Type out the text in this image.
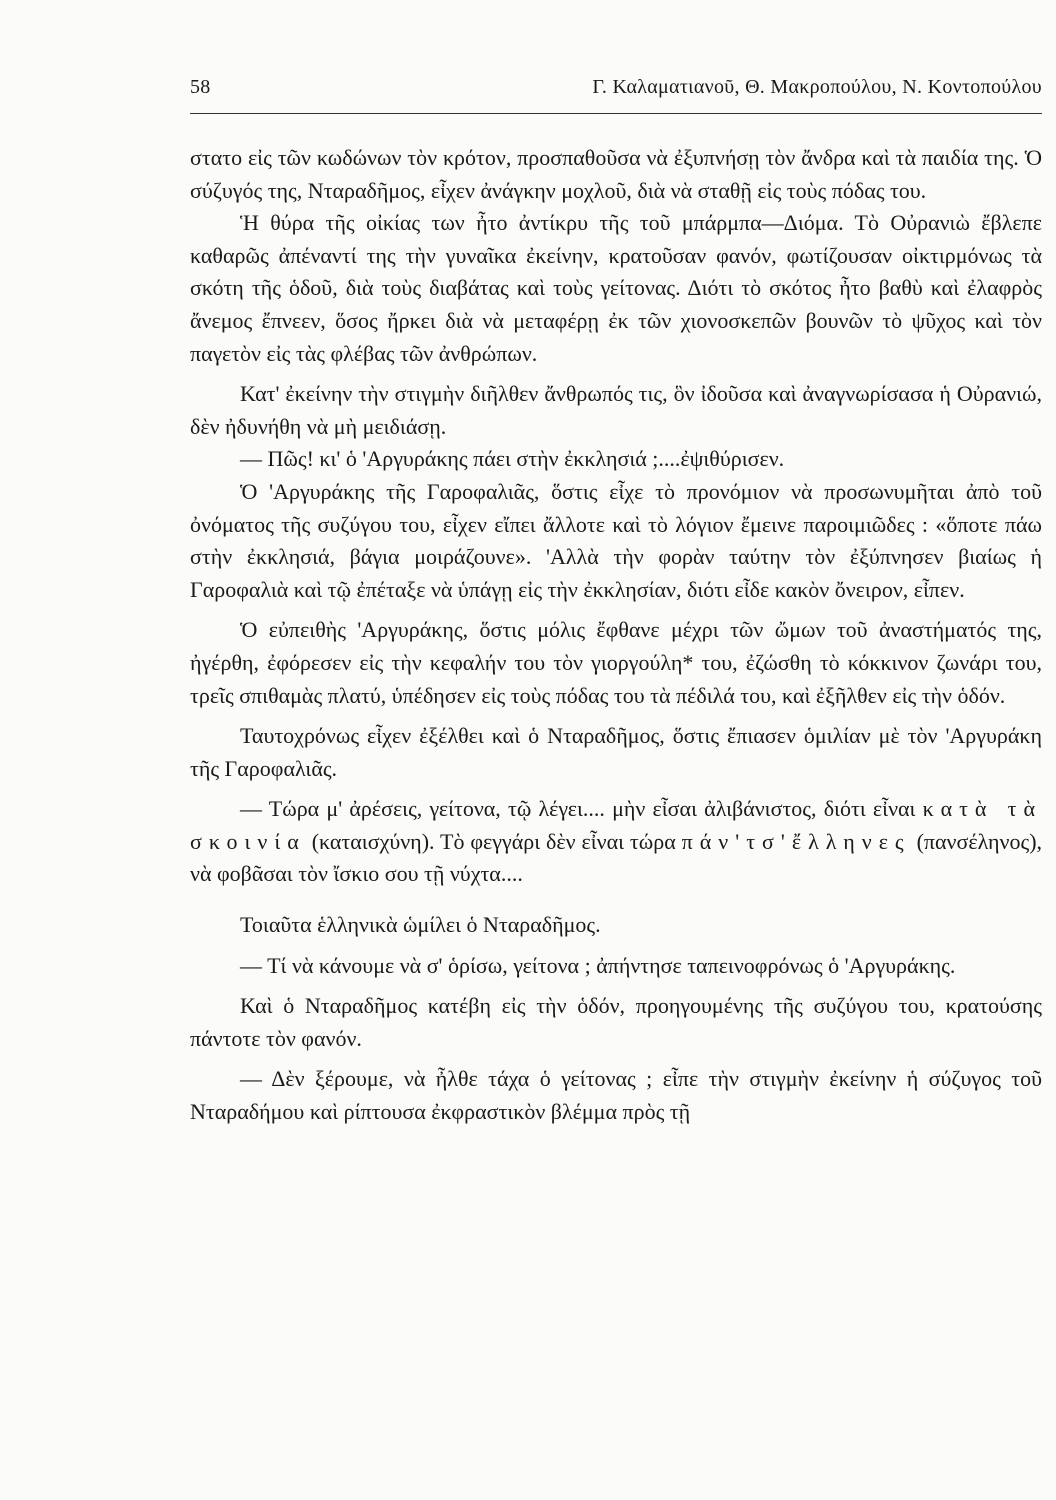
58	Γ. Καλαματιανοῦ, Θ. Μακροπούλου, Ν. Κοντοπούλου

στατο εἰς τῶν κωδώνων τὸν κρότον, προσπαθοῦσα νὰ ἐξυπνήσῃ τὸν ἄνδρα καὶ τὰ παιδία της. Ὁ σύζυγός της, Νταραδῆμος, εἶχεν ἀνάγκην μοχλοῦ, διὰ νὰ σταθῇ εἰς τοὺς πόδας του.

Ἡ θύρα τῆς οἰκίας των ἦτο ἀντίκρυ τῆς τοῦ μπάρμπα—Διόμα. Τὸ Οὐρανιὼ ἔβλεπε καθαρῶς ἀπέναντί της τὴν γυναῖκα ἐκείνην, κρατοῦσαν φανόν, φωτίζουσαν οἰκτιρμόνως τὰ σκότη τῆς ὁδοῦ, διὰ τοὺς διαβάτας καὶ τοὺς γείτονας. Διότι τὸ σκότος ἦτο βαθὺ καὶ ἐλαφρὸς ἄνεμος ἔπνεεν, ὅσος ἤρκει διὰ νὰ μεταφέρῃ ἐκ τῶν χιονοσκεπῶν βουνῶν τὸ ψῦχος καὶ τὸν παγετὸν εἰς τὰς φλέβας τῶν ἀνθρώπων.

Κατ' ἐκείνην τὴν στιγμὴν διῆλθεν ἄνθρωπός τις, ὃν ἰδοῦσα καὶ ἀναγνωρίσασα ἡ Οὐρανιώ, δὲν ἠδυνήθη νὰ μὴ μειδιάσῃ.

— Πῶς! κι' ὁ 'Αργυράκης πάει στὴν ἐκκλησιά ;....ἐψιθύρισεν.

Ὁ 'Αργυράκης τῆς Γαροφαλιᾶς, ὅστις εἶχε τὸ προνόμιον νὰ προσωνυμῆται ἀπὸ τοῦ ὀνόματος τῆς συζύγου του, εἶχεν εἴπει ἄλλοτε καὶ τὸ λόγιον ἔμεινε παροιμιῶδες : «ὅποτε πάω στὴν ἐκκλησιά, βάγια μοιράζουνε». 'Αλλὰ τὴν φορὰν ταύτην τὸν ἐξύπνησεν βιαίως ἡ Γαροφαλιὰ καὶ τῷ ἐπέταξε νὰ ὑπάγῃ εἰς τὴν ἐκκλησίαν, διότι εἶδε κακὸν ὄνειρον, εἶπεν.

Ὁ εὐπειθὴς 'Αργυράκης, ὅστις μόλις ἔφθανε μέχρι τῶν ὤμων τοῦ ἀναστήματός της, ἠγέρθη, ἐφόρεσεν εἰς τὴν κεφαλήν του τὸν γιοργούλη* του, ἐζώσθη τὸ κόκκινον ζωνάρι του, τρεῖς σπιθαμὰς πλατύ, ὑπέδησεν εἰς τοὺς πόδας του τὰ πέδιλά του, καὶ ἐξῆλθεν εἰς τὴν ὁδόν.

Ταυτοχρόνως εἶχεν ἐξέλθει καὶ ὁ Νταραδῆμος, ὅστις ἔπιασεν ὁμιλίαν μὲ τὸν 'Αργυράκη τῆς Γαροφαλιᾶς.

— Τώρα μ' ἀρέσεις, γείτονα, τῷ λέγει.... μὴν εἶσαι ἀλιβάνιστος, διότι εἶναι κατὰ τὰ σκοινία (καταισχύνη). Τὸ φεγγάρι δὲν εἶναι τώρα πάν'τσ'ἔλληνες (πανσέληνος), νὰ φοβᾶσαι τὸν ἴσκιο σου τῇ νύχτα....

Τοιαῦτα ἑλληνικὰ ὡμίλει ὁ Νταραδῆμος.

— Τί νὰ κάνουμε νὰ σ' ὁρίσω, γείτονα ; ἀπήντησε ταπεινοφρόνως ὁ 'Αργυράκης.

Καὶ ὁ Νταραδῆμος κατέβη εἰς τὴν ὁδόν, προηγουμένης τῆς συζύγου του, κρατούσης πάντοτε τὸν φανόν.

— Δὲν ξέρουμε, νὰ ἦλθε τάχα ὁ γείτονας ; εἶπε τὴν στιγμὴν ἐκείνην ἡ σύζυγος τοῦ Νταραδήμου καὶ ρίπτουσα ἐκφραστικὸν βλέμμα πρὸς τῇ
